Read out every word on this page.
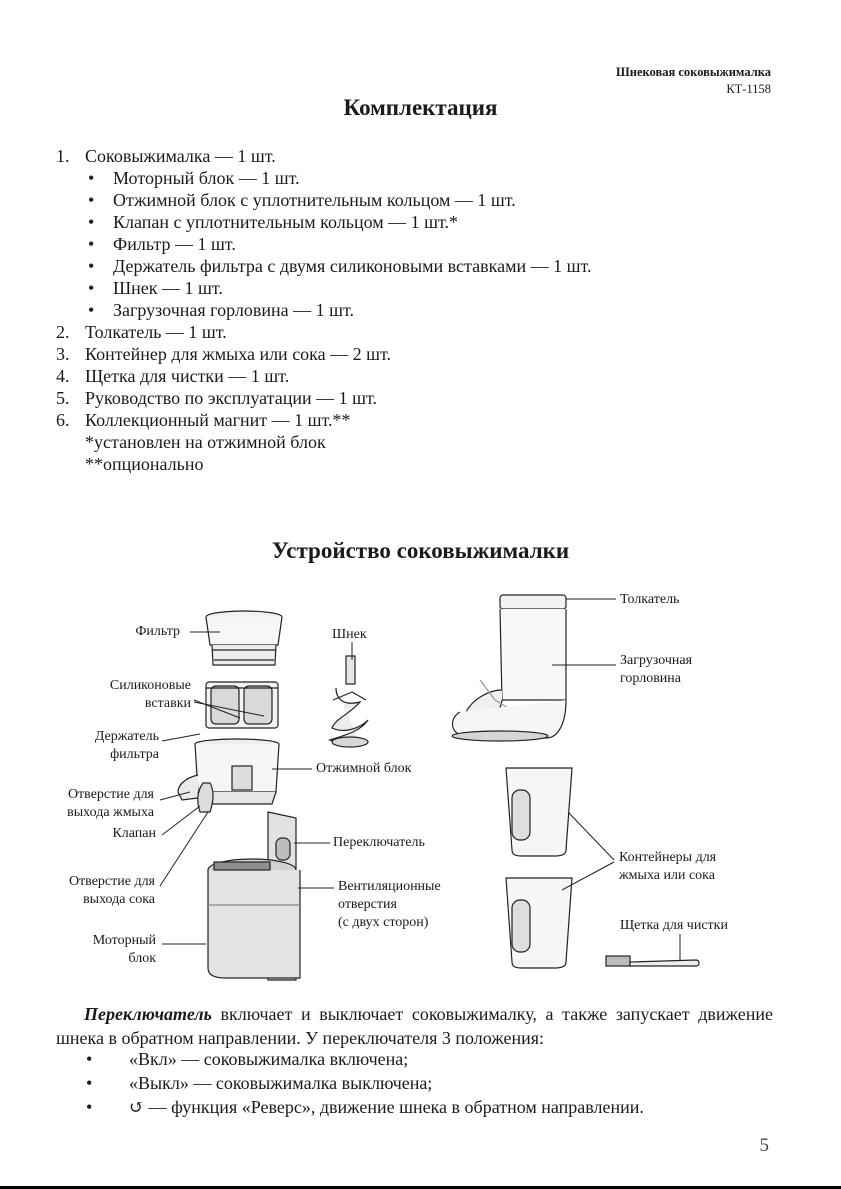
Шнековая соковыжималка
КТ-1158
Комплектация
1. Соковыжималка — 1 шт.
• Моторный блок — 1 шт.
• Отжимной блок с уплотнительным кольцом — 1 шт.
• Клапан с уплотнительным кольцом — 1 шт.*
• Фильтр — 1 шт.
• Держатель фильтра с двумя силиконовыми вставками — 1 шт.
• Шнек — 1 шт.
• Загрузочная горловина — 1 шт.
2. Толкатель — 1 шт.
3. Контейнер для жмыха или сока — 2 шт.
4. Щетка для чистки — 1 шт.
5. Руководство по эксплуатации — 1 шт.
6. Коллекционный магнит — 1 шт.**
*установлен на отжимной блок
**опционально
Устройство соковыжималки
Фильтр	Шнек
Толкатель
Загрузочная
горловина
Силиконовые
вставки
Держатель
фильтра
Отжимной блок
Отверстие для
выхода жмыха
Клапан
Переключатель
Отверстие для
выхода сока
Вентиляционные
отверстия
(с двух сторон)
Моторный
блок
Контейнеры для
жмыха или сока
Щетка для чистки
Переключатель включает и выключает соковыжималку, а также запускает движение шнека в обратном направлении. У переключателя 3 положения:
• «Вкл» — соковыжималка включена;
• «Выкл» — соковыжималка выключена;
• ↺ — функция «Реверс», движение шнека в обратном направлении.
5
